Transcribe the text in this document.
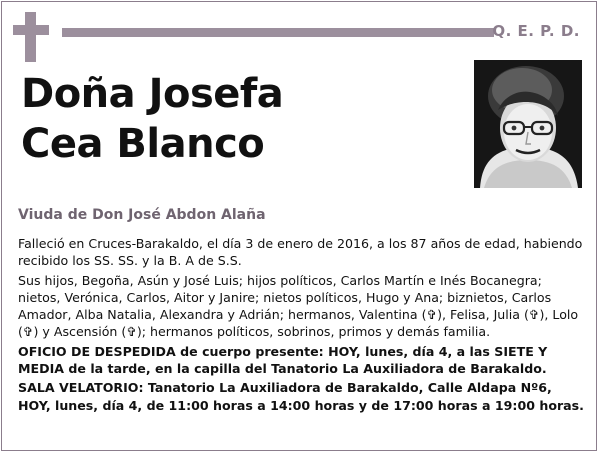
Q. E. P. D.
Doña Josefa
Cea Blanco
Viuda de Don José Abdon Alaña

Falleció en Cruces-Barakaldo, el día 3 de enero de 2016, a los 87 años de edad, habiendo recibido los SS. SS. y la B. A de S.S.

Sus hijos, Begoña, Asún y José Luis; hijos políticos, Carlos Martín e Inés Bocanegra; nietos, Verónica, Carlos, Aitor y Janire; nietos políticos, Hugo y Ana; biznietos, Carlos Amador, Alba Natalia, Alexandra y Adrián; hermanos, Valentina (✞), Felisa, Julia (✞), Lolo (✞) y Ascensión (✞); hermanos políticos, sobrinos, primos y demás familia.

OFICIO DE DESPEDIDA de cuerpo presente: HOY, lunes, día 4, a las SIETE Y MEDIA de la tarde, en la capilla del Tanatorio La Auxiliadora de Barakaldo.

SALA VELATORIO: Tanatorio La Auxiliadora de Barakaldo, Calle Aldapa Nº6, HOY, lunes, día 4, de 11:00 horas a 14:00 horas y de 17:00 horas a 19:00 horas.
